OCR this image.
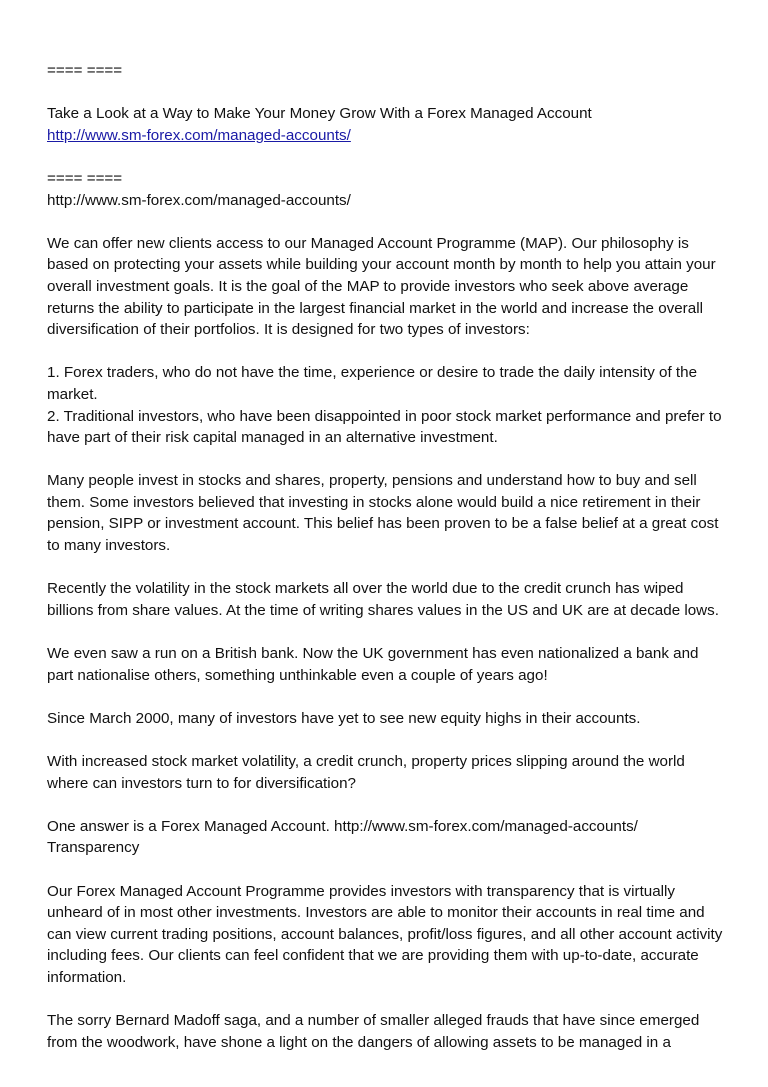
==== ====

Take a Look at a Way to Make Your Money Grow With a Forex Managed Account

http://www.sm-forex.com/managed-accounts/

==== ====

http://www.sm-forex.com/managed-accounts/

We can offer new clients access to our Managed Account Programme (MAP). Our philosophy is based on protecting your assets while building your account month by month to help you attain your overall investment goals. It is the goal of the MAP to provide investors who seek above average returns the ability to participate in the largest financial market in the world and increase the overall diversification of their portfolios. It is designed for two types of investors:

1. Forex traders, who do not have the time, experience or desire to trade the daily intensity of the market.

2. Traditional investors, who have been disappointed in poor stock market performance and prefer to have part of their risk capital managed in an alternative investment.

Many people invest in stocks and shares, property, pensions and understand how to buy and sell them. Some investors believed that investing in stocks alone would build a nice retirement in their pension, SIPP or investment account. This belief has been proven to be a false belief at a great cost to many investors.

Recently the volatility in the stock markets all over the world due to the credit crunch has wiped billions from share values. At the time of writing shares values in the US and UK are at decade lows.

We even saw a run on a British bank. Now the UK government has even nationalized a bank and part nationalise others, something unthinkable even a couple of years ago!

Since March 2000, many of investors have yet to see new equity highs in their accounts.

With increased stock market volatility, a credit crunch, property prices slipping around the world where can investors turn to for diversification?

One answer is a Forex Managed Account. http://www.sm-forex.com/managed-accounts/

Transparency

Our Forex Managed Account Programme provides investors with transparency that is virtually unheard of in most other investments. Investors are able to monitor their accounts in real time and can view current trading positions, account balances, profit/loss figures, and all other account activity including fees. Our clients can feel confident that we are providing them with up-to-date, accurate information.

The sorry Bernard Madoff saga, and a number of smaller alleged frauds that have since emerged from the woodwork, have shone a light on the dangers of allowing assets to be managed in a
